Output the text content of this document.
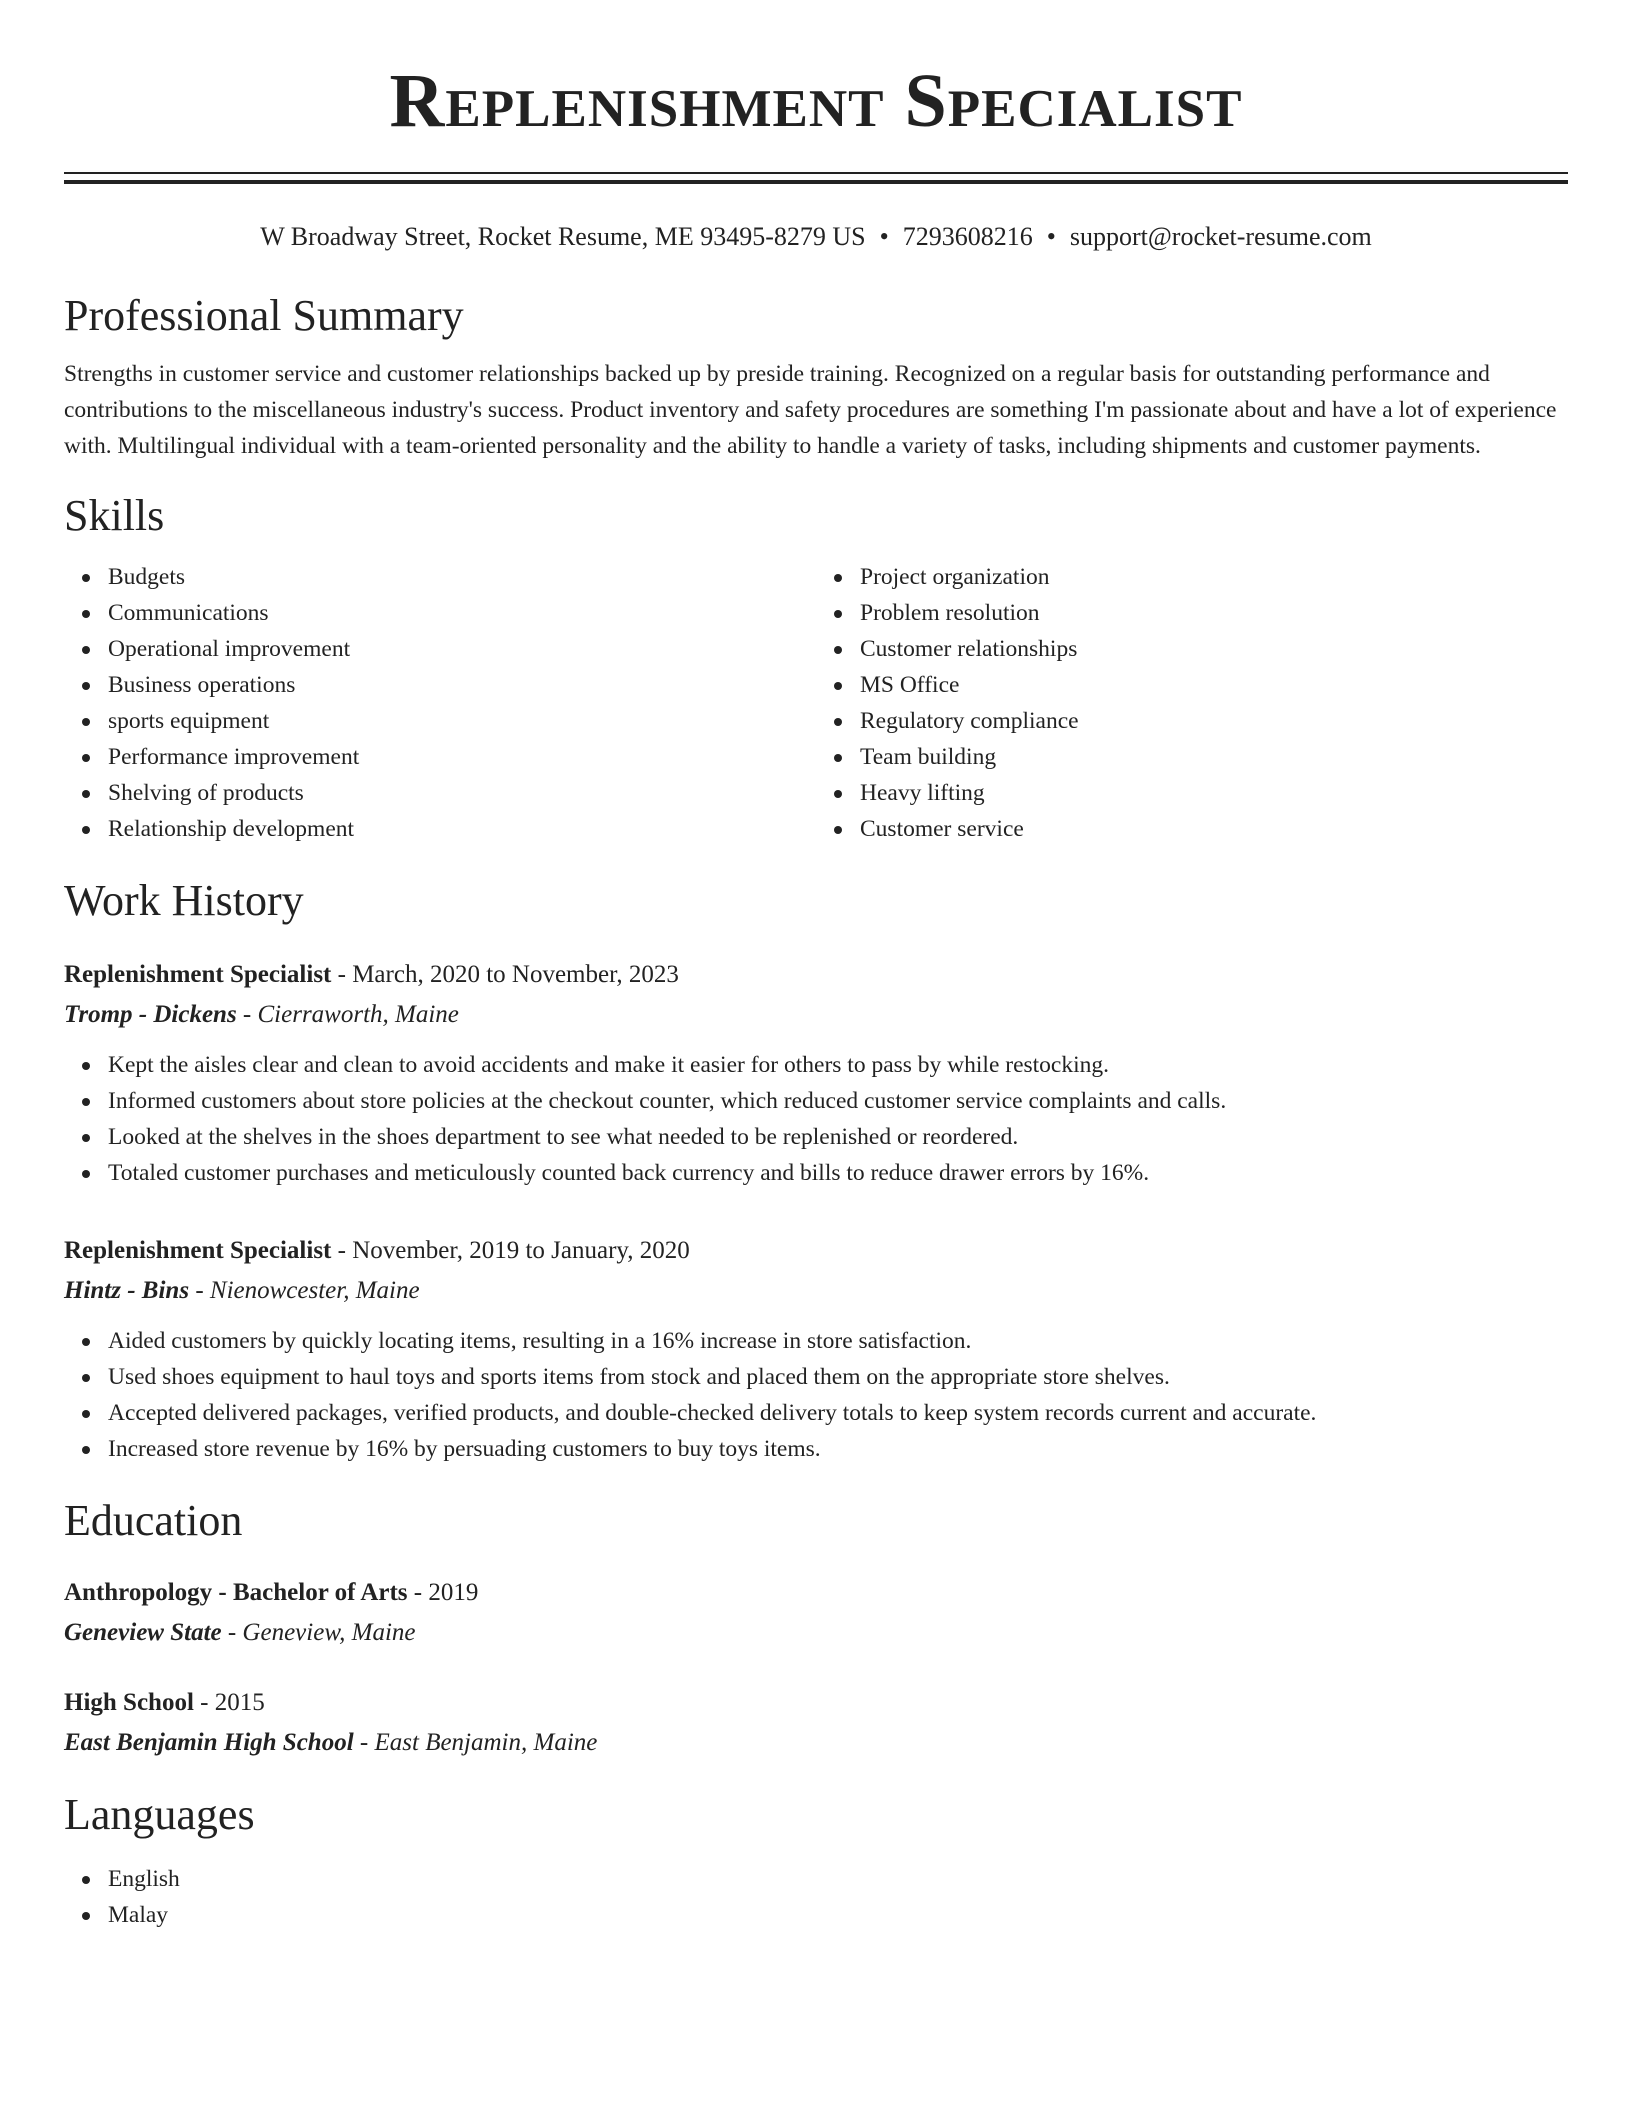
Replenishment Specialist
W Broadway Street, Rocket Resume, ME 93495-8279 US • 7293608216 • support@rocket-resume.com
Professional Summary
Strengths in customer service and customer relationships backed up by preside training. Recognized on a regular basis for outstanding performance and contributions to the miscellaneous industry's success. Product inventory and safety procedures are something I'm passionate about and have a lot of experience with. Multilingual individual with a team-oriented personality and the ability to handle a variety of tasks, including shipments and customer payments.
Skills
Budgets
Communications
Operational improvement
Business operations
sports equipment
Performance improvement
Shelving of products
Relationship development
Project organization
Problem resolution
Customer relationships
MS Office
Regulatory compliance
Team building
Heavy lifting
Customer service
Work History
Replenishment Specialist - March, 2020 to November, 2023
Tromp - Dickens - Cierraworth, Maine
Kept the aisles clear and clean to avoid accidents and make it easier for others to pass by while restocking.
Informed customers about store policies at the checkout counter, which reduced customer service complaints and calls.
Looked at the shelves in the shoes department to see what needed to be replenished or reordered.
Totaled customer purchases and meticulously counted back currency and bills to reduce drawer errors by 16%.
Replenishment Specialist - November, 2019 to January, 2020
Hintz - Bins - Nienowcester, Maine
Aided customers by quickly locating items, resulting in a 16% increase in store satisfaction.
Used shoes equipment to haul toys and sports items from stock and placed them on the appropriate store shelves.
Accepted delivered packages, verified products, and double-checked delivery totals to keep system records current and accurate.
Increased store revenue by 16% by persuading customers to buy toys items.
Education
Anthropology - Bachelor of Arts - 2019
Geneview State - Geneview, Maine
High School - 2015
East Benjamin High School - East Benjamin, Maine
Languages
English
Malay
